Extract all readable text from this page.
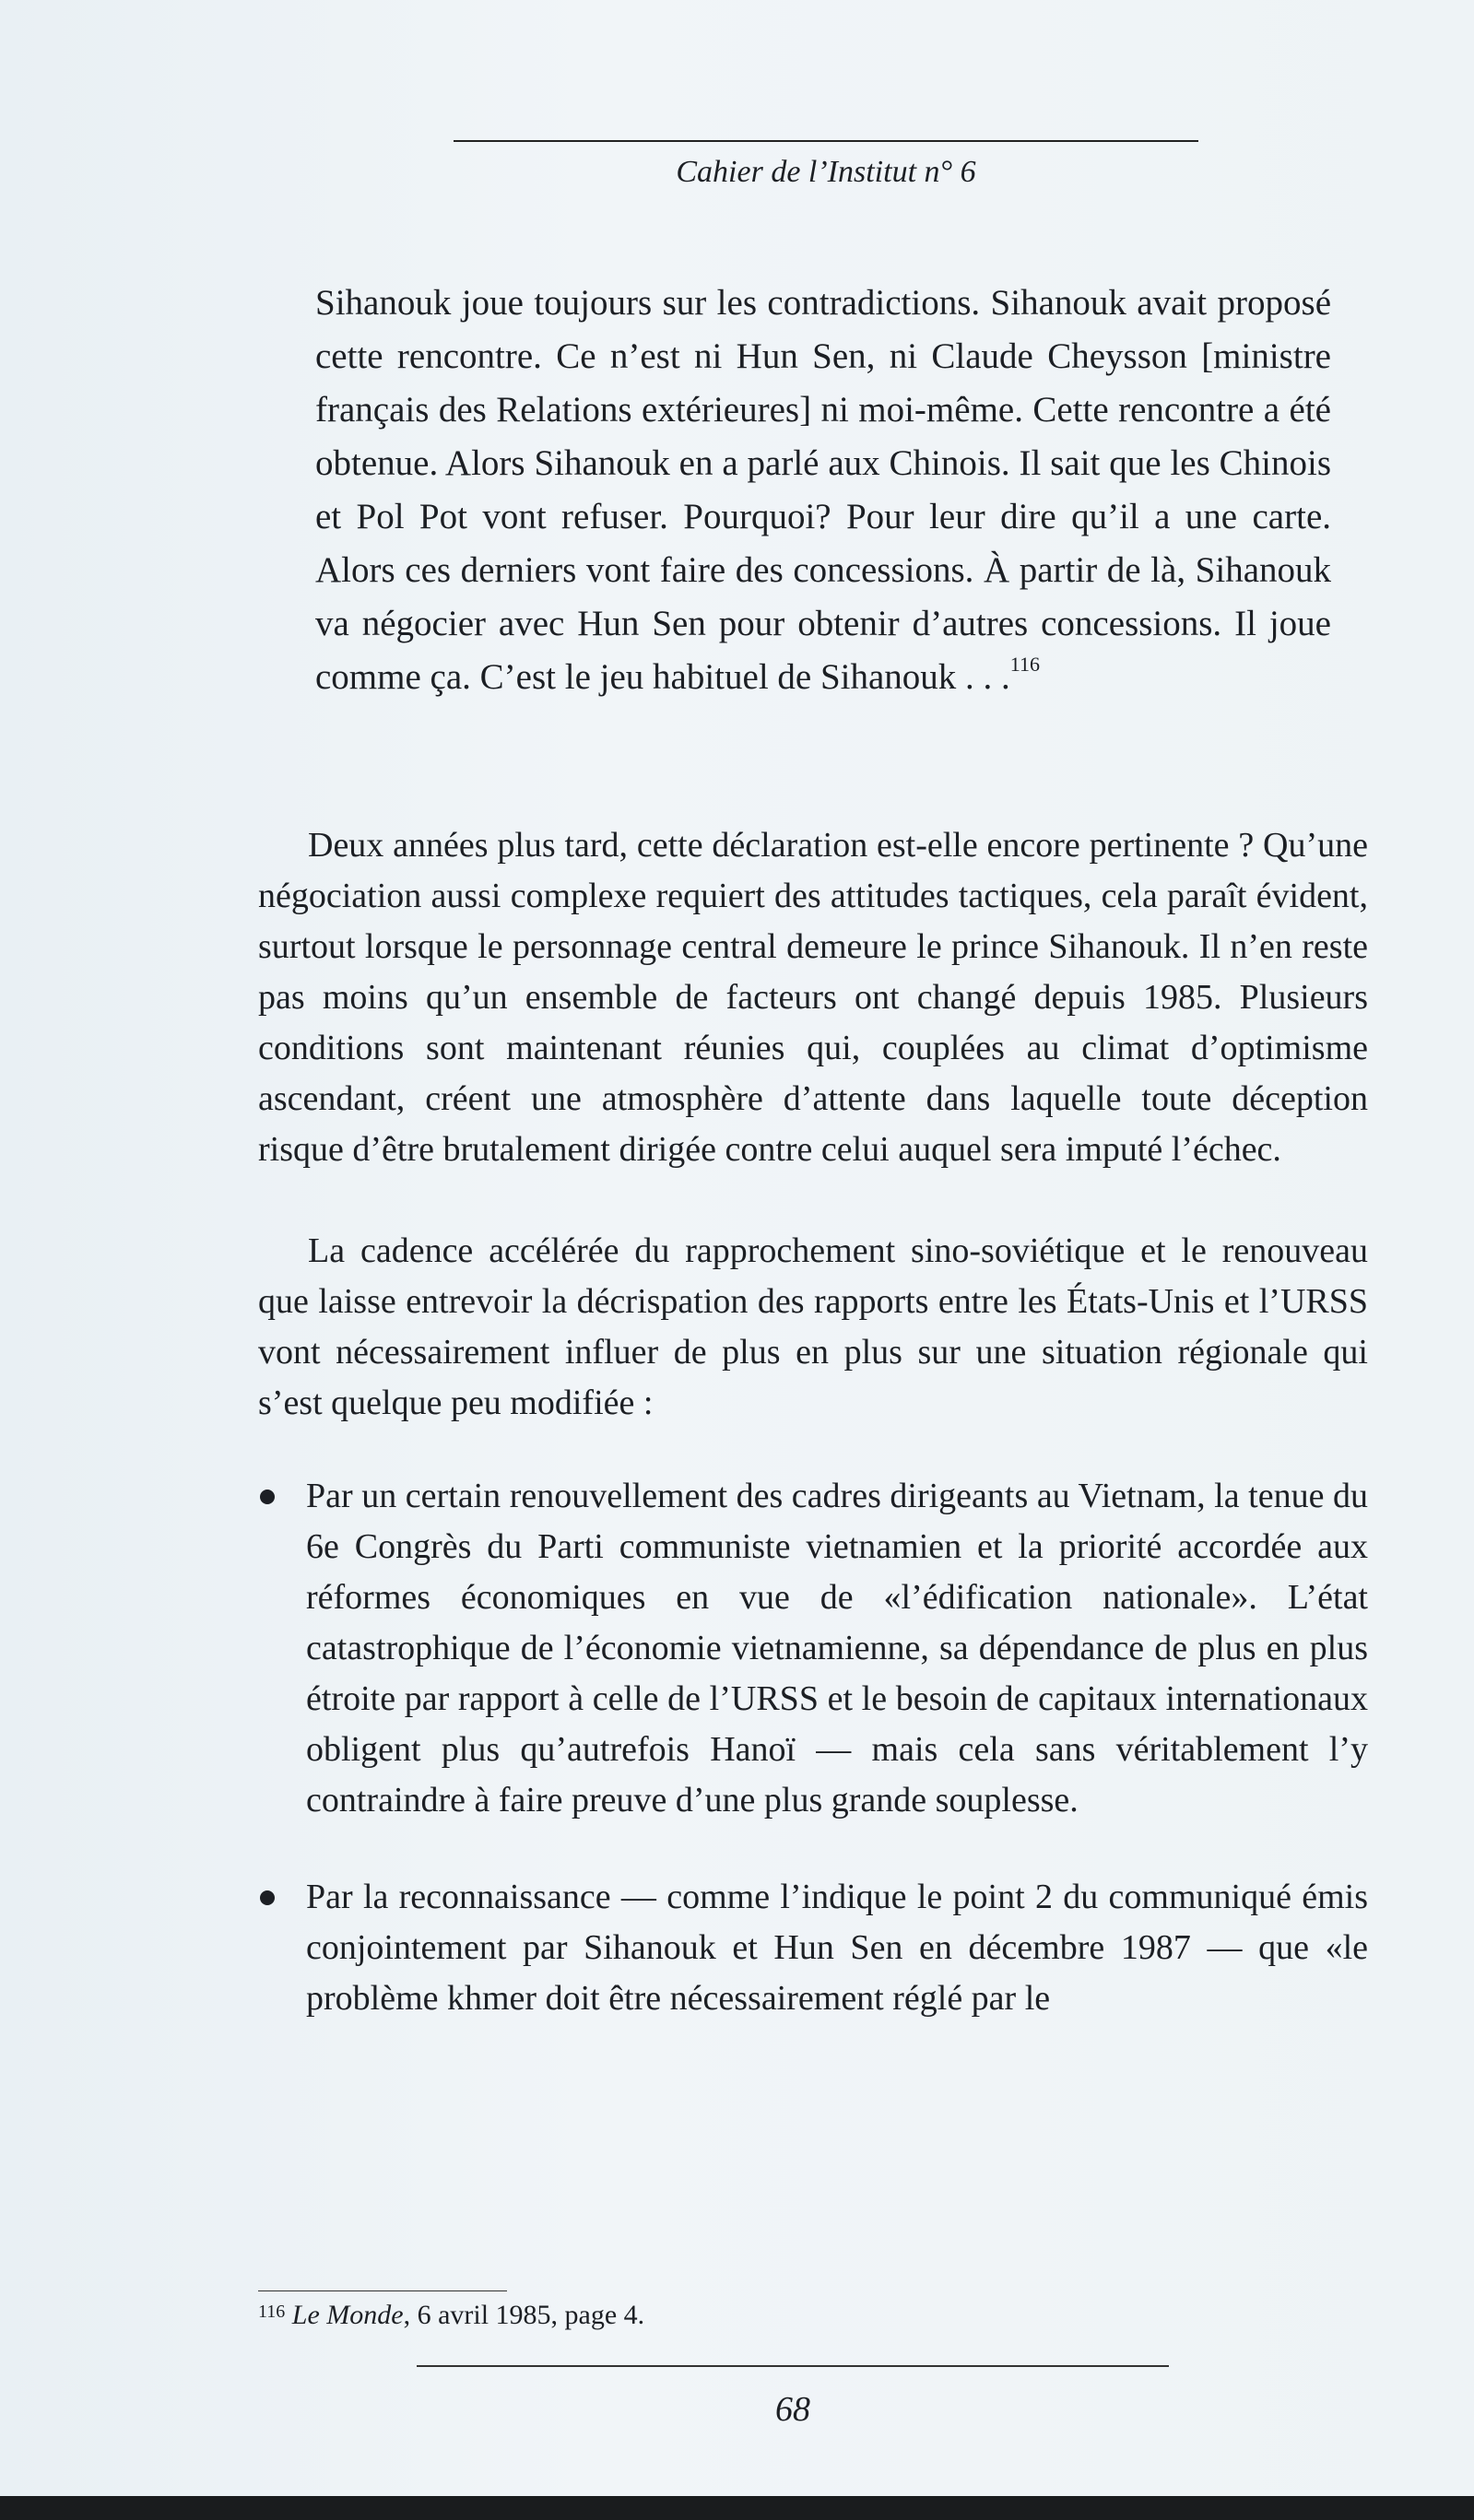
Cahier de l’Institut n° 6

Sihanouk joue toujours sur les contradictions. Sihanouk avait proposé cette rencontre. Ce n’est ni Hun Sen, ni Claude Cheysson [ministre français des Relations extérieures] ni moi-même. Cette rencontre a été obtenue. Alors Sihanouk en a parlé aux Chinois. Il sait que les Chinois et Pol Pot vont refuser. Pourquoi? Pour leur dire qu’il a une carte. Alors ces derniers vont faire des concessions. À partir de là, Sihanouk va négocier avec Hun Sen pour obtenir d’autres concessions. Il joue comme ça. C’est le jeu habituel de Sihanouk . . .$^{116}$

Deux années plus tard, cette déclaration est-elle encore pertinente ? Qu’une négociation aussi complexe requiert des attitudes tactiques, cela paraît évident, surtout lorsque le personnage central demeure le prince Sihanouk. Il n’en reste pas moins qu’un ensemble de facteurs ont changé depuis 1985. Plusieurs conditions sont maintenant réunies qui, couplées au climat d’optimisme ascendant, créent une atmosphère d’attente dans laquelle toute déception risque d’être brutalement dirigée contre celui auquel sera imputé l’échec.

La cadence accélérée du rapprochement sino-soviétique et le renouveau que laisse entrevoir la décrispation des rapports entre les États-Unis et l’URSS vont nécessairement influer de plus en plus sur une situation régionale qui s’est quelque peu modifiée :

Par un certain renouvellement des cadres dirigeants au Vietnam, la tenue du 6e Congrès du Parti communiste vietnamien et la priorité accordée aux réformes économiques en vue de «l’édification nationale». L’état catastrophique de l’économie vietnamienne, sa dépendance de plus en plus étroite par rapport à celle de l’URSS et le besoin de capitaux internationaux obligent plus qu’autrefois Hanoï — mais cela sans véritablement l’y contraindre à faire preuve d’une plus grande souplesse.
Par la reconnaissance — comme l’indique le point 2 du communiqué émis conjointement par Sihanouk et Hun Sen en décembre 1987 — que «le problème khmer doit être nécessairement réglé par le
$^{116}$ Le Monde, 6 avril 1985, page 4.
68
